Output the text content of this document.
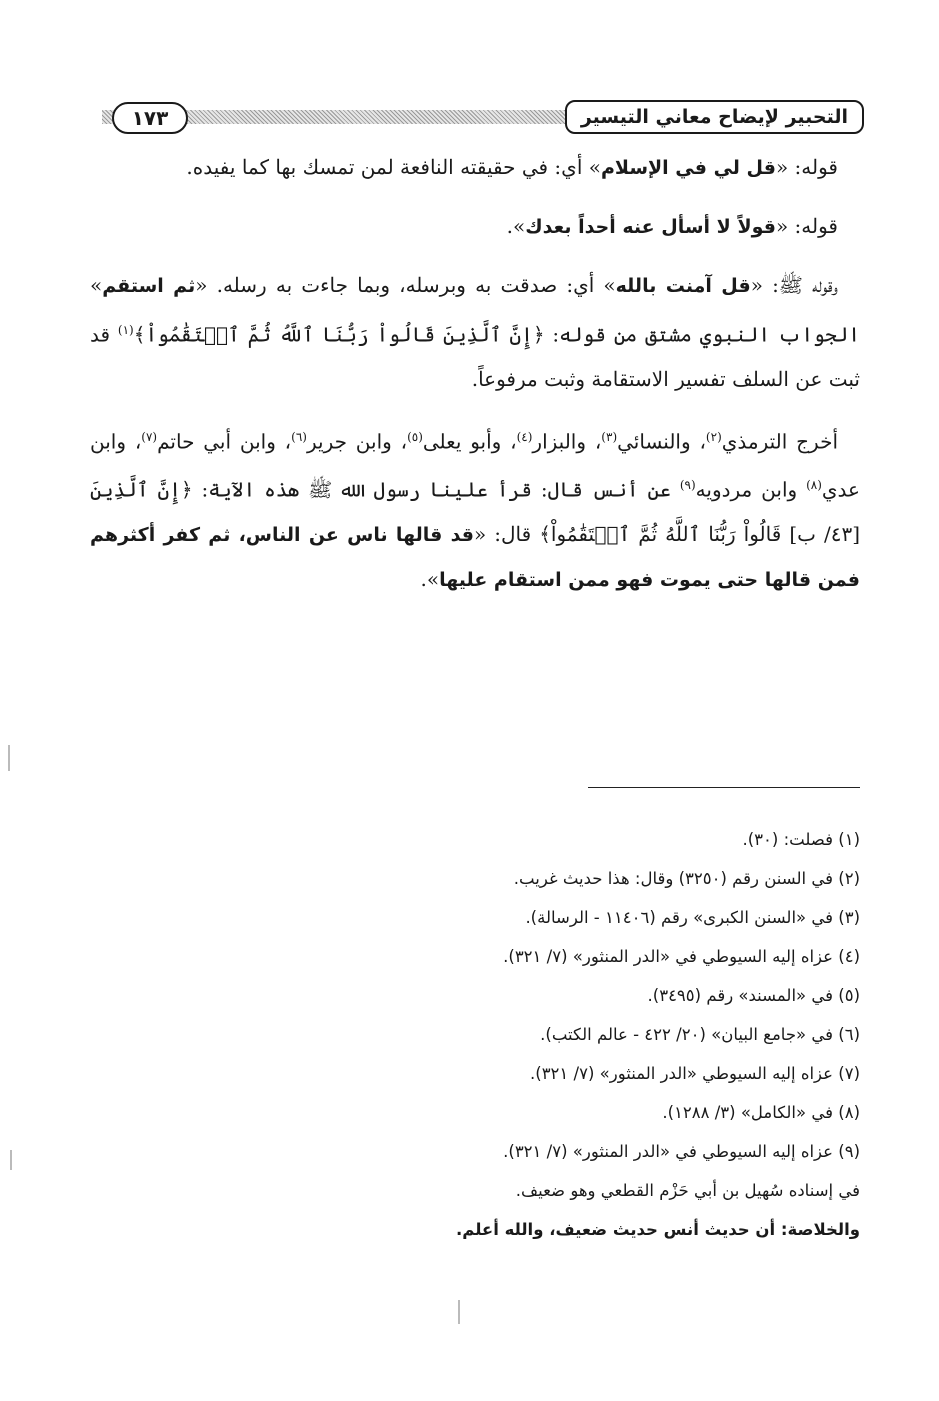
١٧٣	التحبير لإيضاح معاني التيسير

قوله: «قل لي في الإسلام» أي: في حقيقته النافعة لمن تمسك بها كما يفيده.

قوله: «قولاً لا أسأل عنه أحداً بعدك».

وقوله ﷺ: «قل آمنت بالله» أي: صدقت به وبرسله، وبما جاءت به رسله. «ثم استقم» الجواب النبوي مشتق من قوله: ﴿إِنَّ ٱلَّذِينَ قَالُواْ رَبُّنَا ٱللَّهُ ثُمَّ ٱسۡتَقَٰمُواْ﴾$^{(١)}$ قد ثبت عن السلف تفسير الاستقامة وثبت مرفوعاً.

أخرج الترمذي$^{(٢)}$، والنسائي$^{(٣)}$، والبزار$^{(٤)}$، وأبو يعلى$^{(٥)}$، وابن جرير$^{(٦)}$، وابن أبي حاتم$^{(٧)}$، وابن عدي$^{(٨)}$ وابن مردويه$^{(٩)}$ عن أنس قال: قرأ علينا رسول الله ﷺ هذه الآية: ﴿إِنَّ ٱلَّذِينَ [٤٣/ ب] قَالُواْ رَبُّنَا ٱللَّهُ ثُمَّ ٱسۡتَقَٰمُواْ﴾ قال: «قد قالها ناس عن الناس، ثم كفر أكثرهم فمن قالها حتى يموت فهو ممن استقام عليها».

(١) فصلت: (٣٠).
(٢) في السنن رقم (٣٢٥٠) وقال: هذا حديث غريب.
(٣) في «السنن الكبرى» رقم (١١٤٠٦ - الرسالة).
(٤) عزاه إليه السيوطي في «الدر المنثور» (٧/ ٣٢١).
(٥) في «المسند» رقم (٣٤٩٥).
(٦) في «جامع البيان» (٢٠/ ٤٢٢ - عالم الكتب).
(٧) عزاه إليه السيوطي «الدر المنثور» (٧/ ٣٢١).
(٨) في «الكامل» (٣/ ١٢٨٨).
(٩) عزاه إليه السيوطي في «الدر المنثور» (٧/ ٣٢١).
في إسناده سُهيل بن أبي حَزْم القطعي وهو ضعيف.
والخلاصة: أن حديث أنس حديث ضعيف، والله أعلم.
